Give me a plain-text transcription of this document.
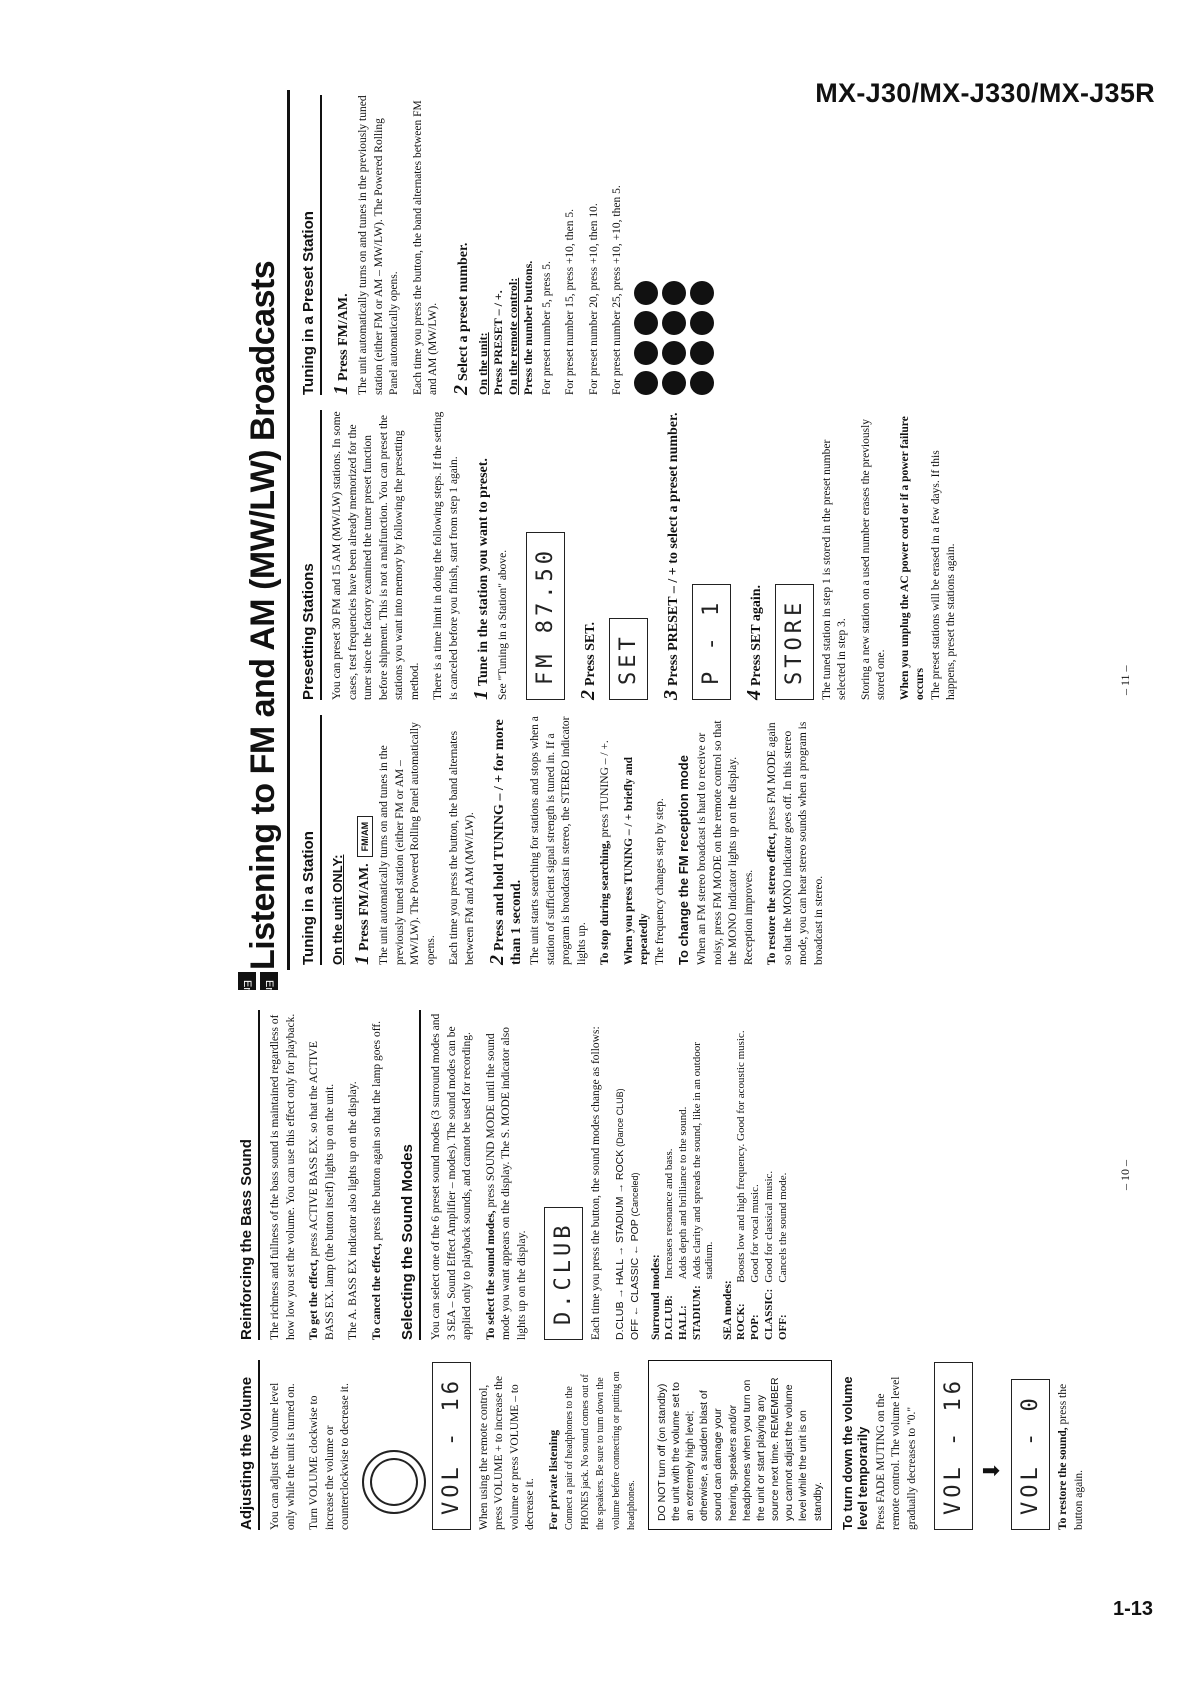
MX-J30/MX-J330/MX-J35R
Adjusting the Volume	You can adjust the volume level only while the unit is turned on. Turn VOLUME clockwise to increase the volume or counterclockwise to decrease it.	VOL - 16	When using the remote control, press VOLUME + to increase the volume or press VOLUME – to decrease it. For private listening Connect a pair of headphones to the PHONES jack. No sound comes out of the speakers. Be sure to turn down the volume before connecting or putting on headphones.	DO NOT turn off (on standby) the unit with the volume set to an extremely high level; otherwise, a sudden blast of sound can damage your hearing, speakers and/or headphones when you turn on the unit or start playing any source next time. REMEMBER you cannot adjust the volume level while the unit is on standby.	To turn down the volume level temporarily Press FADE MUTING on the remote control. The volume level gradually decreases to "0."	VOL - 16 ⬇ VOL - 0	To restore the sound, press the button again.

Reinforcing the Bass Sound	The richness and fullness of the bass sound is maintained regardless of how low you set the volume. You can use this effect only for playback. To get the effect, press ACTIVE BASS EX. so that the ACTIVE BASS EX. lamp (the button itself) lights up on the unit. The A. BASS EX indicator also lights up on the display. To cancel the effect, press the button again so that the lamp goes off.

Selecting the Sound Modes	You can select one of the 6 preset sound modes (3 surround modes and 3 SEA – Sound Effect Amplifier – modes). The sound modes can be applied only to playback sounds, and cannot be used for recording. To select the sound modes, press SOUND MODE until the sound mode you want appears on the display. The S. MODE indicator also lights up on the display.	D.CLUB	Each time you press the button, the sound modes change as follows: D.CLUB → HALL → STADIUM → ROCK (Dance CLUB)
OFF ← CLASSIC ← POP (Canceled)
Surround modes: D.CLUB:	Increases resonance and bass.
HALL:	Adds depth and brilliance to the sound.
STADIUM:	Adds clarity and spreads the sound, like in an outdoor stadium.
SEA modes: ROCK:	Boosts low and high frequency. Good for acoustic music.
POP:	Good for vocal music.
CLASSIC:	Good for classical music.
OFF:	Cancels the sound mode.	– 10 –
English English
Listening to FM and AM (MW/LW) Broadcasts	Tuning in a Station	On the unit ONLY: 1Press FM/AM.FM/AM The unit automatically turns on and tunes in the previously tuned station (either FM or AM – MW/LW). The Powered Rolling Panel automatically opens. Each time you press the button, the band alternates between FM and AM (MW/LW). 2Press and hold TUNING – / + for more than 1 second. The unit starts searching for stations and stops when a station of sufficient signal strength is tuned in. If a program is broadcast in stereo, the STEREO indicator lights up. To stop during searching, press TUNING – / +. When you press TUNING – / + briefly and repeatedly The frequency changes step by step. To change the FM reception mode When an FM stereo broadcast is hard to receive or noisy, press FM MODE on the remote control so that the MONO indicator lights up on the display. Reception improves. To restore the stereo effect, press FM MODE again so that the MONO indicator goes off. In this stereo mode, you can hear stereo sounds when a program is broadcast in stereo.

Presetting Stations	You can preset 30 FM and 15 AM (MW/LW) stations. In some cases, test frequencies have been already memorized for the tuner since the factory examined the tuner preset function before shipment. This is not a malfunction. You can preset the stations you want into memory by following the presetting method. There is a time limit in doing the following steps. If the setting is canceled before you finish, start from step 1 again. 1Tune in the station you want to preset. See "Tuning in a Station" above.	FM 87.50
2Press SET. SET
3Press PRESET – / + to select a preset number. P - 1
4Press SET again. STORE	The tuned station in step 1 is stored in the preset number selected in step 3. Storing a new station on a used number erases the previously stored one. When you unplug the AC power cord or if a power failure occurs The preset stations will be erased in a few days. If this happens, preset the stations again.

Tuning in a Preset Station 1Press FM/AM. The unit automatically turns on and tunes in the previously tuned station (either FM or AM – MW/LW). The Powered Rolling Panel automatically opens. Each time you press the button, the band alternates between FM and AM (MW/LW). 2Select a preset number. On the unit: Press PRESET – / +. On the remote control: Press the number buttons. For preset number 5, press 5. For preset number 15, press +10, then 5. For preset number 20, press +10, then 10. For preset number 25, press +10, +10, then 5.

– 11 –
1-13
